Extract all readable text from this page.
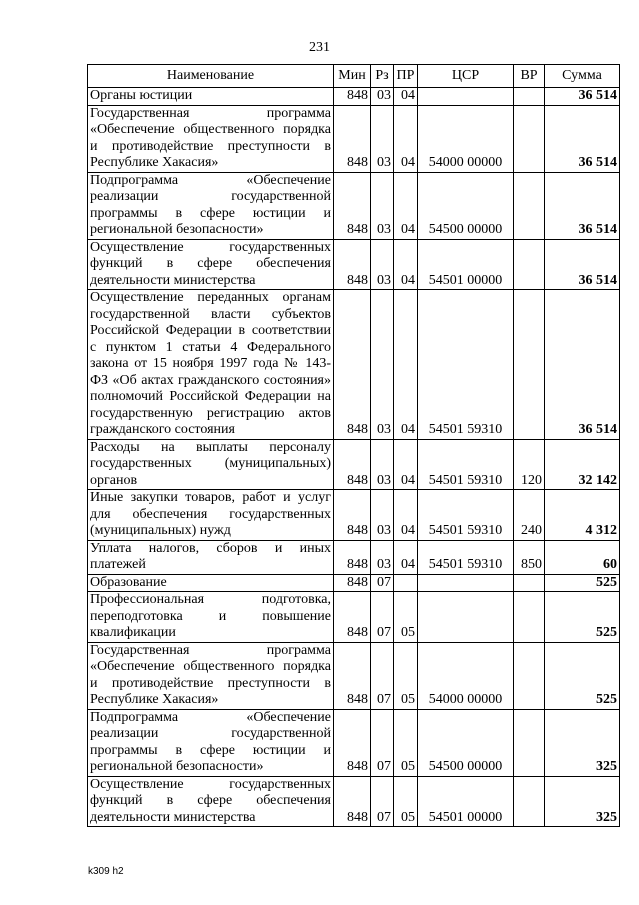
231
Наименование	Мин	Рз	ПР	ЦСР	ВР	Сумма
Органы юстиции	848	03	04			36 514
Государственная программа «Обеспечение общественного порядка и противодействие преступности в Республике Хакасия»	848	03	04	54000 00000		36 514
Подпрограмма «Обеспечение реализации государственной программы в сфере юстиции и региональной безопасности»	848	03	04	54500 00000		36 514
Осуществление государственных функций в сфере обеспечения деятельности министерства	848	03	04	54501 00000		36 514
Осуществление переданных органам государственной власти субъектов Российской Федерации в соответствии с пунктом 1 статьи 4 Федерального закона от 15 ноября 1997 года № 143-ФЗ «Об актах гражданского состояния» полномочий Российской Федерации на государственную регистрацию актов гражданского состояния	848	03	04	54501 59310		36 514
Расходы на выплаты персоналу государственных (муниципальных) органов	848	03	04	54501 59310	120	32 142
Иные закупки товаров, работ и услуг для обеспечения государственных (муниципальных) нужд	848	03	04	54501 59310	240	4 312
Уплата налогов, сборов и иных платежей	848	03	04	54501 59310	850	60
Образование	848	07				525
Профессиональная подготовка, переподготовка и повышение квалификации	848	07	05			525
Государственная программа «Обеспечение общественного порядка и противодействие преступности в Республике Хакасия»	848	07	05	54000 00000		525
Подпрограмма «Обеспечение реализации государственной программы в сфере юстиции и региональной безопасности»	848	07	05	54500 00000		325
Осуществление государственных функций в сфере обеспечения деятельности министерства	848	07	05	54501 00000		325
k309 h2
